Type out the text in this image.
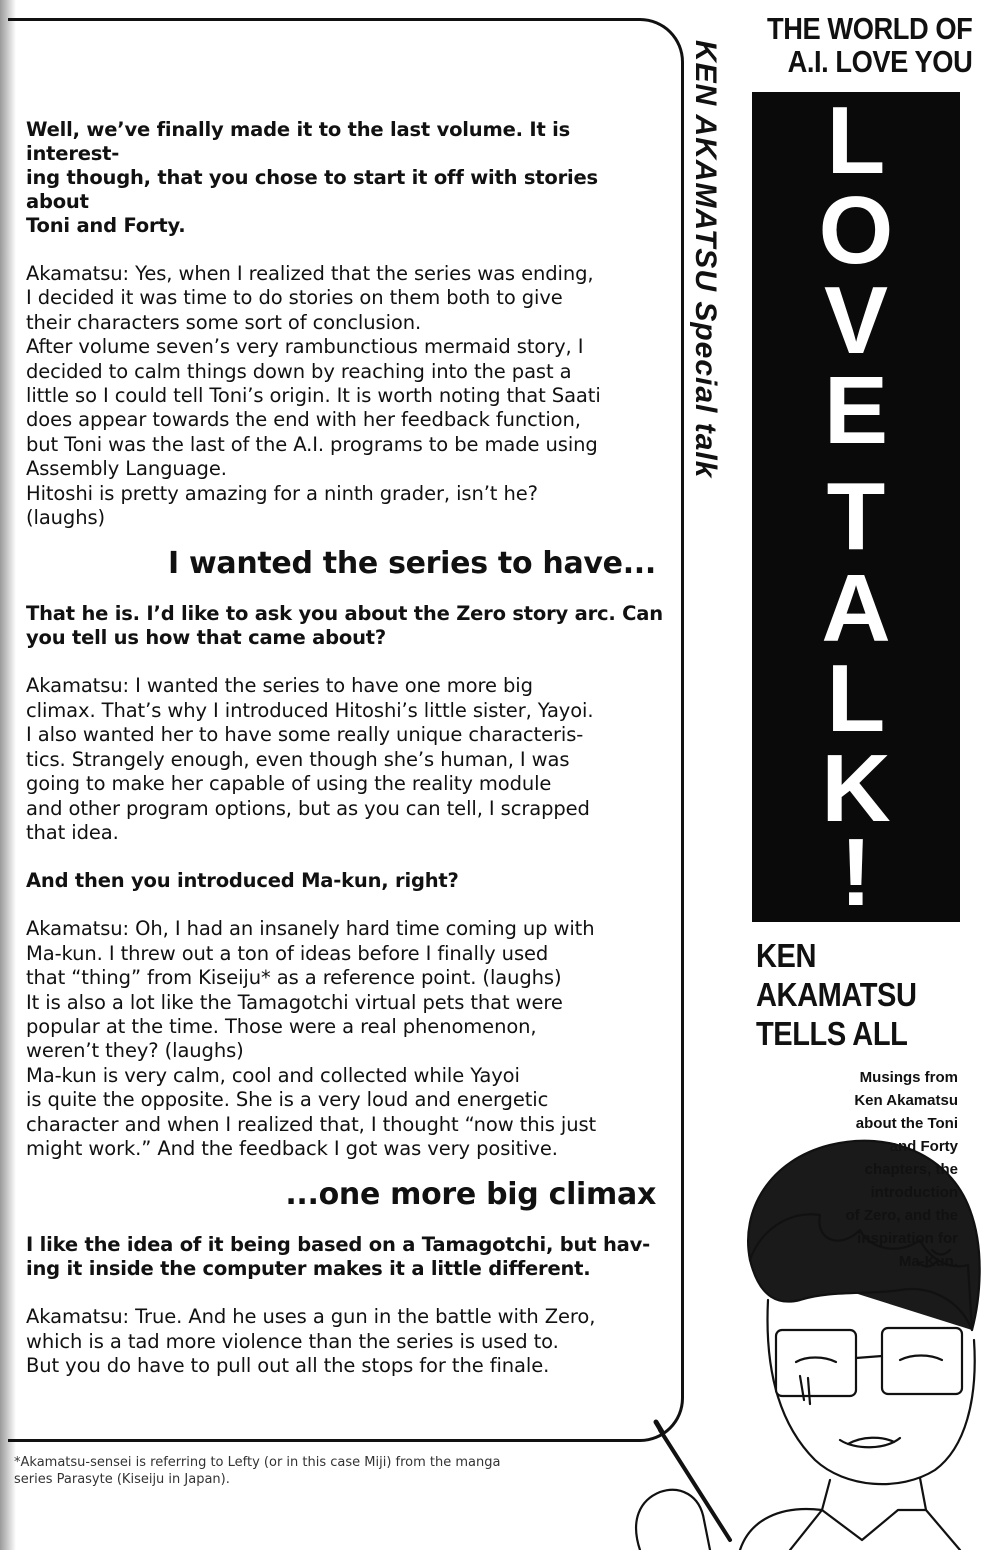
Well, we’ve finally made it to the last volume. It is interest-
ing though, that you chose to start it off with stories about
Toni and Forty.
Akamatsu: Yes, when I realized that the series was ending,
I decided it was time to do stories on them both to give
their characters some sort of conclusion.
After volume seven’s very rambunctious mermaid story, I
decided to calm things down by reaching into the past a
little so I could tell Toni’s origin. It is worth noting that Saati
does appear towards the end with her feedback function,
but Toni was the last of the A.I. programs to be made using
Assembly Language.
Hitoshi is pretty amazing for a ninth grader, isn’t he?
(laughs)
I wanted the series to have...
That he is. I’d like to ask you about the Zero story arc. Can
you tell us how that came about?
Akamatsu: I wanted the series to have one more big
climax. That’s why I introduced Hitoshi’s little sister, Yayoi.
I also wanted her to have some really unique characteris-
tics. Strangely enough, even though she’s human, I was
going to make her capable of using the reality module
and other program options, but as you can tell, I scrapped
that idea.
And then you introduced Ma-kun, right?
Akamatsu: Oh, I had an insanely hard time coming up with
Ma-kun. I threw out a ton of ideas before I finally used
that “thing” from Kiseiju* as a reference point. (laughs)
It is also a lot like the Tamagotchi virtual pets that were
popular at the time. Those were a real phenomenon,
weren’t they? (laughs)
Ma-kun is very calm, cool and collected while Yayoi
is quite the opposite. She is a very loud and energetic
character and when I realized that, I thought “now this just
might work.” And the feedback I got was very positive.
...one more big climax
I like the idea of it being based on a Tamagotchi, but hav-
ing it inside the computer makes it a little different.
Akamatsu: True. And he uses a gun in the battle with Zero,
which is a tad more violence than the series is used to.
But you do have to pull out all the stops for the finale.
*Akamatsu-sensei is referring to Lefty (or in this case Miji) from the manga
series Parasyte (Kiseiju in Japan).
THE WORLD OF
A.I. LOVE YOU
KEN AKAMATSU Special talk	L
O
V
E
T
A
L
K
!
KEN
AKAMATSU
TELLS ALL
Musings from
Ken Akamatsu
about the Toni
and Forty
chapters, the
introduction
of Zero, and the
inspiration for
Ma-Kun.
